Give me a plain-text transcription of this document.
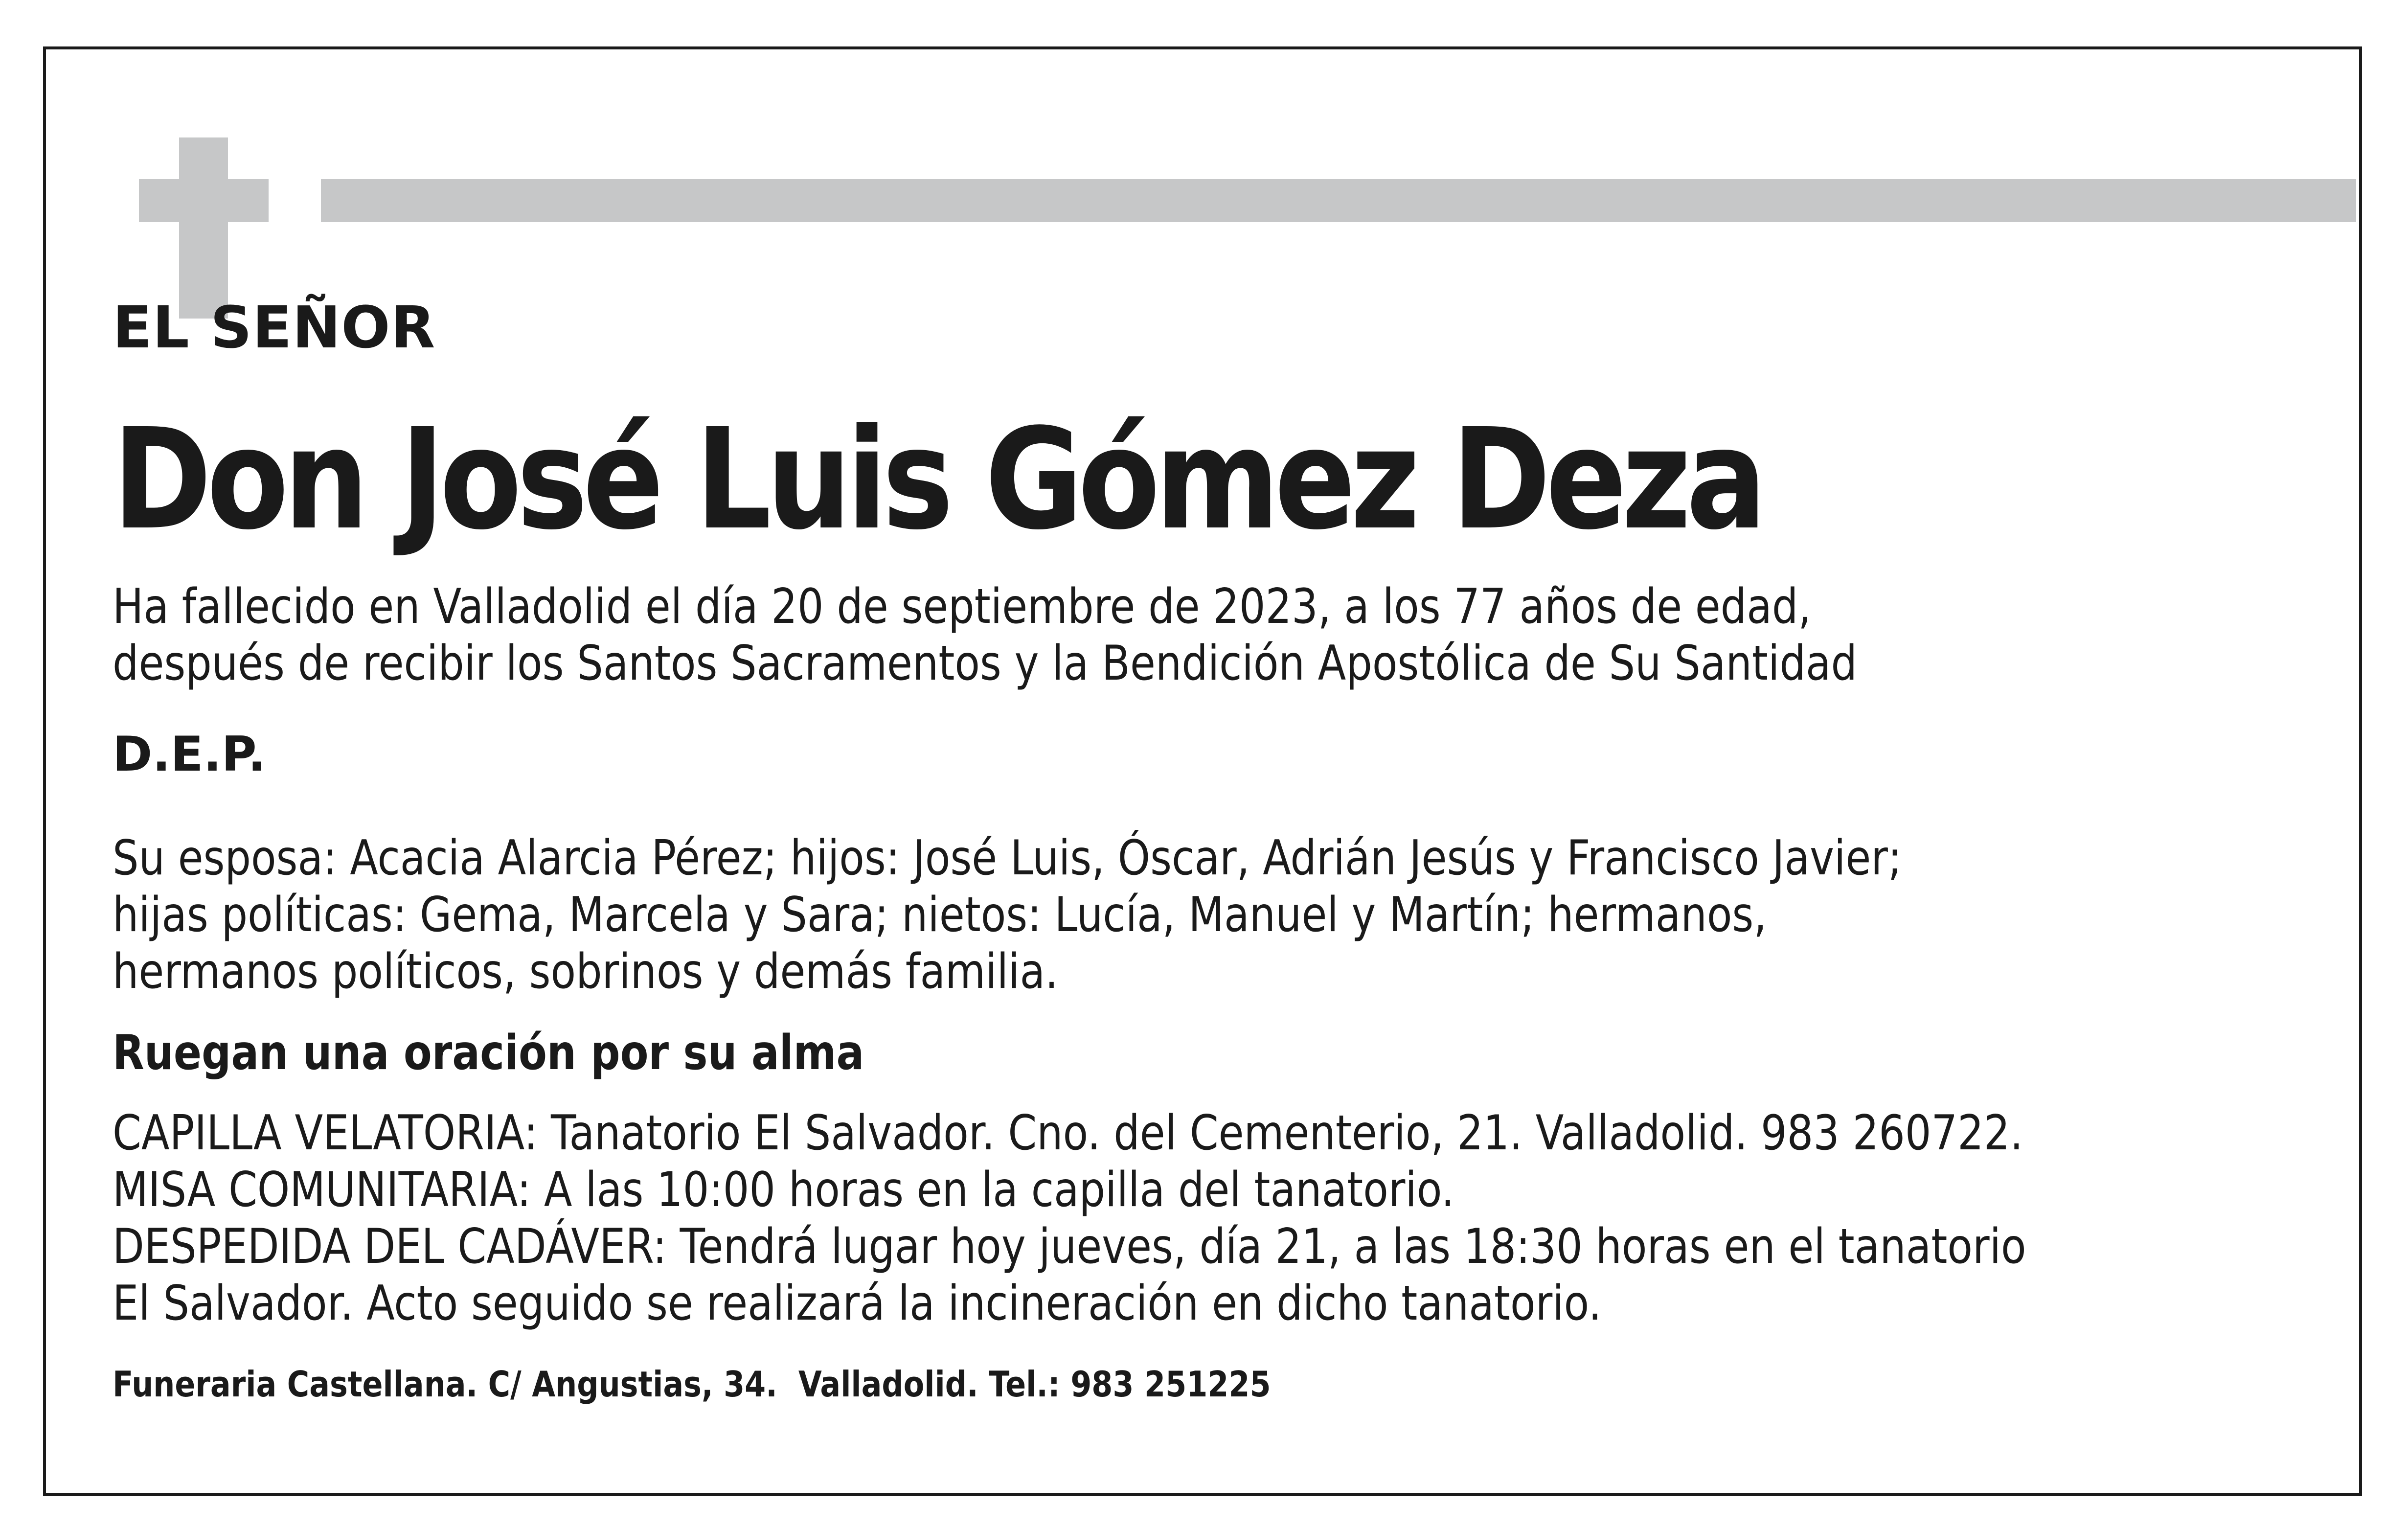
EL SEÑOR

Don José Luis Gómez Deza

Ha fallecido en Valladolid el día 20 de septiembre de 2023, a los 77 años de edad,

después de recibir los Santos Sacramentos y la Bendición Apostólica de Su Santidad

D.E.P.

Su esposa: Acacia Alarcia Pérez; hijos: José Luis, Óscar, Adrián Jesús y Francisco Javier;

hijas políticas: Gema, Marcela y Sara; nietos: Lucía, Manuel y Martín; hermanos,

hermanos políticos, sobrinos y demás familia.

Ruegan una oración por su alma

CAPILLA VELATORIA: Tanatorio El Salvador. Cno. del Cementerio, 21. Valladolid. 983 260722.

MISA COMUNITARIA: A las 10:00 horas en la capilla del tanatorio.

DESPEDIDA DEL CADÁVER: Tendrá lugar hoy jueves, día 21, a las 18:30 horas en el tanatorio

El Salvador. Acto seguido se realizará la incineración en dicho tanatorio.

Funeraria Castellana. C/ Angustias, 34.  Valladolid. Tel.: 983 251225
